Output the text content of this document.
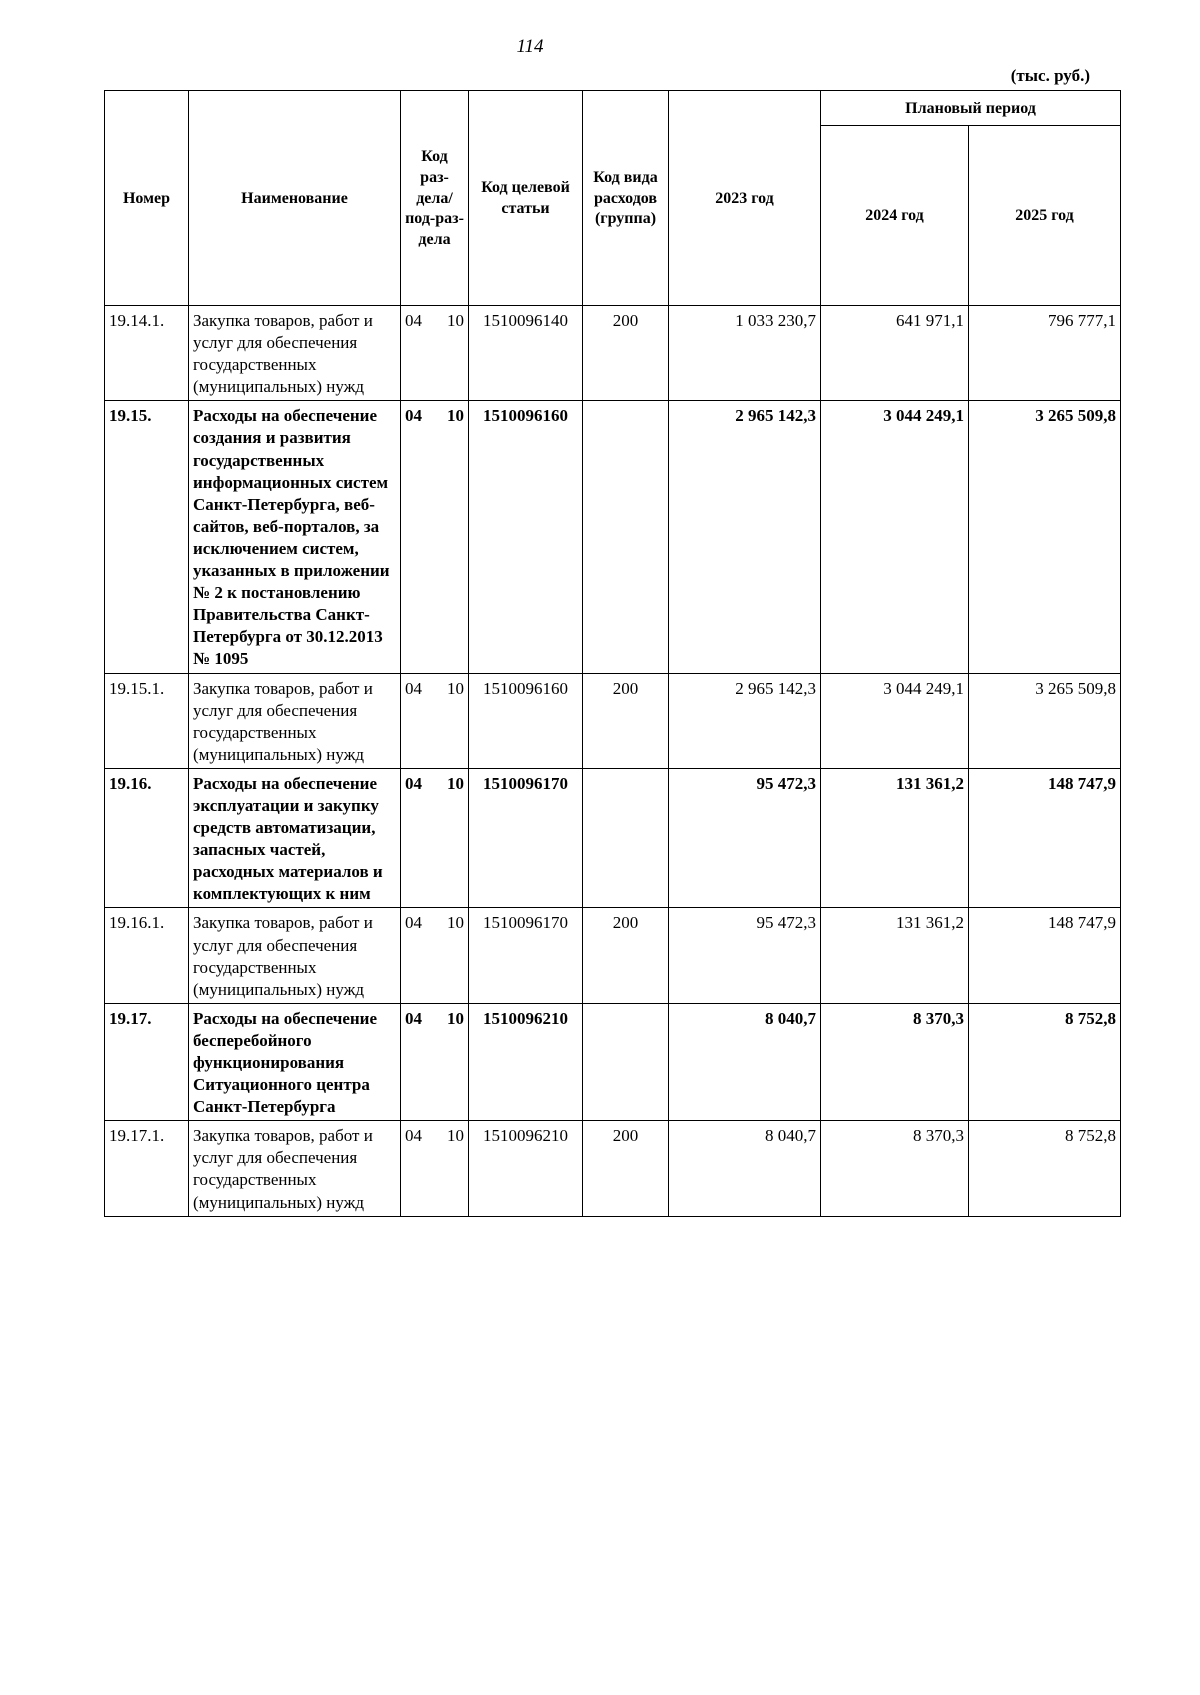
114
(тыс. руб.)
Номер	Наименование	Код раз-дела/ под-раз-дела	Код целевой статьи	Код вида расходов (группа)	2023 год	Плановый период	
						2024 год	2025 год
19.14.1.	Закупка товаров, работ и услуг для обеспечения государственных (муниципальных) нужд	04 10	1510096140	200	1 033 230,7	641 971,1	796 777,1
19.15.	Расходы на обеспечение создания и развития государственных информационных систем Санкт-Петербурга, веб-сайтов, веб-порталов, за исключением систем, указанных в приложении № 2 к постановлению Правительства Санкт-Петербурга от 30.12.2013 № 1095	04 10	1510096160		2 965 142,3	3 044 249,1	3 265 509,8
19.15.1.	Закупка товаров, работ и услуг для обеспечения государственных (муниципальных) нужд	04 10	1510096160	200	2 965 142,3	3 044 249,1	3 265 509,8
19.16.	Расходы на обеспечение эксплуатации и закупку средств автоматизации, запасных частей, расходных материалов и комплектующих к ним	04 10	1510096170		95 472,3	131 361,2	148 747,9
19.16.1.	Закупка товаров, работ и услуг для обеспечения государственных (муниципальных) нужд	04 10	1510096170	200	95 472,3	131 361,2	148 747,9
19.17.	Расходы на обеспечение бесперебойного функционирования Ситуационного центра Санкт-Петербурга	04 10	1510096210		8 040,7	8 370,3	8 752,8
19.17.1.	Закупка товаров, работ и услуг для обеспечения государственных (муниципальных) нужд	04 10	1510096210	200	8 040,7	8 370,3	8 752,8
